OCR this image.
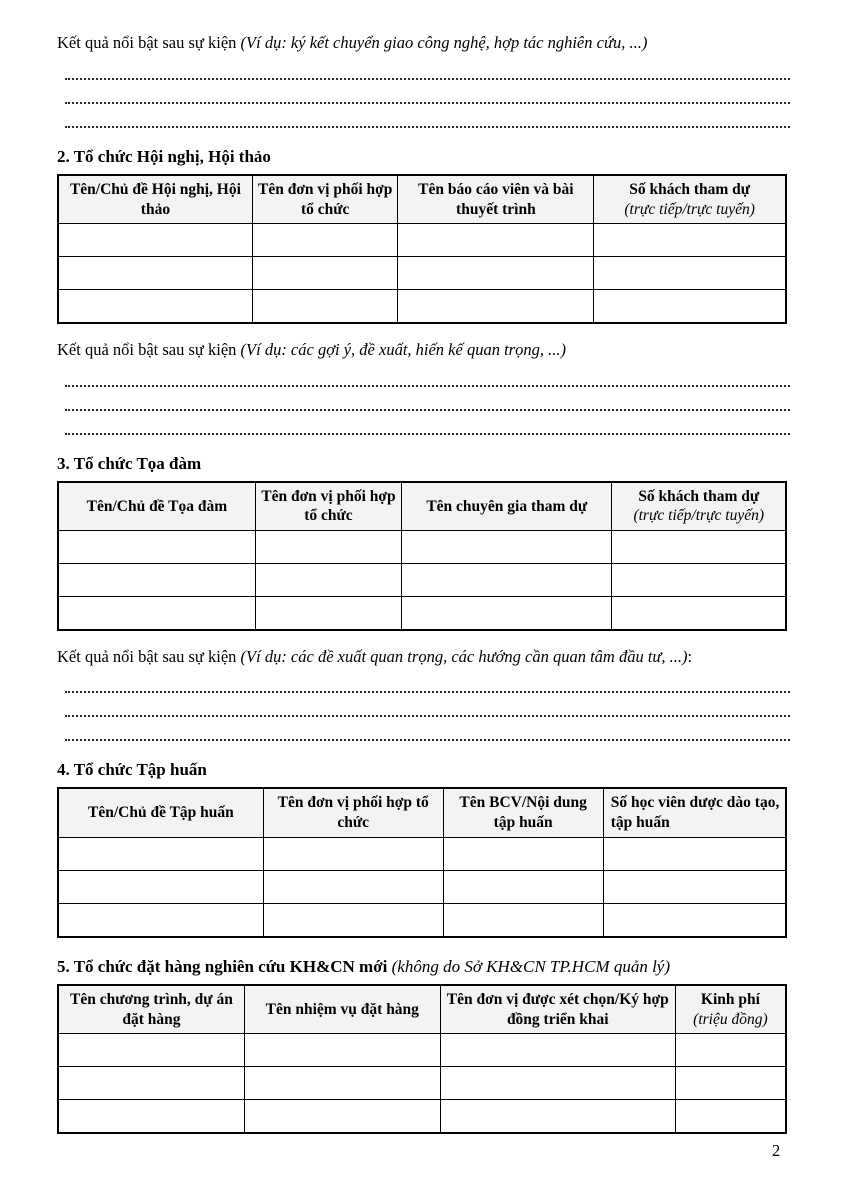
Kết quả nổi bật sau sự kiện (Ví dụ: ký kết chuyển giao công nghệ, hợp tác nghiên cứu, ...)

2. Tổ chức Hội nghị, Hội thảo
Tên/Chủ đề Hội nghị, Hội thảo	Tên đơn vị phối hợp tổ chức	Tên báo cáo viên và bài thuyết trình	Số khách tham dự
(trực tiếp/trực tuyến)

Kết quả nổi bật sau sự kiện (Ví dụ: các gợi ý, đề xuất, hiến kế quan trọng, ...)

3. Tổ chức Tọa đàm
Tên/Chủ đề Tọa đàm	Tên đơn vị phối hợp tổ chức	Tên chuyên gia tham dự	Số khách tham dự
(trực tiếp/trực tuyến)

Kết quả nổi bật sau sự kiện (Ví dụ: các đề xuất quan trọng, các hướng cần quan tâm đầu tư, ...):

4. Tổ chức Tập huấn
Tên/Chủ đề Tập huấn	Tên đơn vị phối hợp tổ chức	Tên BCV/Nội dung tập huấn	Số học viên dược dào tạo, tập huấn

5. Tổ chức đặt hàng nghiên cứu KH&CN mới (không do Sở KH&CN TP.HCM quản lý)
Tên chương trình, dự án đặt hàng	Tên nhiệm vụ đặt hàng	Tên đơn vị được xét chọn/Ký hợp đồng triển khai	Kinh phí
(triệu đồng)

2
